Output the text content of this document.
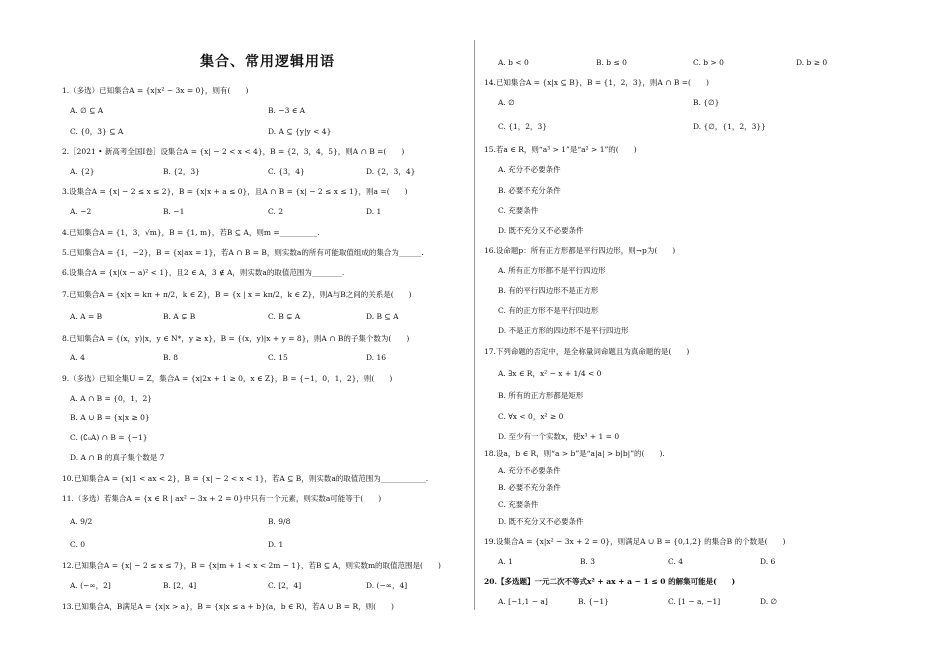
集合、常用逻辑用语
1.（多选）已知集合A = {x|x² − 3x = 0}，则有(　　)
A. ∅ ⊆ A	B. −3 ∈ A
C. {0，3} ⊆ A	D. A ⊆ {y|y < 4}
2.［2021 • 新高考全国Ⅰ卷］设集合A = {x| − 2 < x < 4}，B = {2，3，4，5}，则A ∩ B =(　　)
A. {2}	B. {2，3}	C. {3，4}	D. {2，3，4}
3.设集合A = {x| − 2 ≤ x ≤ 2}，B = {x|x + a ≤ 0}，且A ∩ B = {x| − 2 ≤ x ≤ 1}，则a =(　　)
A. −2	B. −1	C. 2	D. 1
4.已知集合A = {1，3，√m}，B = {1, m}，若B ⊆ A，则m =__________.
5.已知集合A = {1，−2}，B = {x|ax = 1}，若A ∩ B = B，则实数a的所有可能取值组成的集合为______.
6.设集合A = {x|(x − a)² < 1}，且2 ∈ A，3 ∉ A，则实数a的取值范围为________.
7.已知集合A = {x|x = kπ + π/2，k ∈ Z}，B = {x | x = kπ/2，k ∈ Z}，则A与B之间的关系是(　　)
A. A = B	B. A ⊊ B	C. B ⊊ A	D. B ⊆ A
8.已知集合A = {(x，y)|x，y ∈ N*，y ≥ x}，B = {(x，y)|x + y = 8}，则A ∩ B的子集个数为(　　)
A. 4	B. 8	C. 15	D. 16
9.（多选）已知全集U = Z，集合A = {x|2x + 1 ≥ 0，x ∈ Z}，B = {−1，0，1，2}，则(　　)
A. A ∩ B = {0，1，2}
B. A ∪ B = {x|x ≥ 0}
C. (∁ᵤA) ∩ B = {−1}
D. A ∩ B 的真子集个数是 7
10.已知集合A = {x|1 < ax < 2}，B = {x| − 2 < x < 1}，若A ⊆ B，则实数a的取值范围为____________.
11.（多选）若集合A = {x ∈ R | ax² − 3x + 2 = 0}中只有一个元素，则实数a可能等于(　　)
A. 9/2	B. 9/8
C. 0	D. 1
12.已知集合A = {x| − 2 ≤ x ≤ 7}，B = {x|m + 1 < x < 2m − 1}，若B ⊆ A，则实数m的取值范围是(　　)
A. (−∞，2]	B. [2，4]	C. [2，4]	D. (−∞，4]
13.已知集合A，B满足A = {x|x > a}，B = {x|x ≤ a + b}(a，b ∈ R)，若A ∪ B = R，则(　　)
A. b < 0	B. b ≤ 0	C. b > 0	D. b ≥ 0
14.已知集合A = {x|x ⊆ B}，B = {1，2，3}，则A ∩ B =(　　)
A. ∅	B. {∅}
C. {1，2，3}	D. {∅，{1，2，3}}
15.若a ∈ R，则“a³ > 1”是“a² > 1”的(　　)
A. 充分不必要条件
B. 必要不充分条件
C. 充要条件
D. 既不充分又不必要条件
16.设命题p：所有正方形都是平行四边形，则¬p为(　　)
A. 所有正方形都不是平行四边形
B. 有的平行四边形不是正方形
C. 有的正方形不是平行四边形
D. 不是正方形的四边形不是平行四边形
17.下列命题的否定中，是全称量词命题且为真命题的是(　　)
A. ∃x ∈ R，x² − x + 1/4 < 0
B. 所有的正方形都是矩形
C. ∀x < 0，x² ≥ 0
D. 至少有一个实数x，使x³ + 1 = 0
18.设a，b ∈ R，则“a > b”是“a|a| > b|b|”的(　　).
A. 充分不必要条件
B. 必要不充分条件
C. 充要条件
D. 既不充分又不必要条件
19.设集合A = {x|x² − 3x + 2 = 0}，则满足A ∪ B = {0,1,2} 的集合B 的个数是(　　)
A. 1	B. 3	C. 4	D. 6
20.【多选题】一元二次不等式x² + ax + a − 1 ≤ 0 的解集可能是(　　)
A. [−1,1 − a]	B. {−1}	C. [1 − a, −1]	D. ∅
